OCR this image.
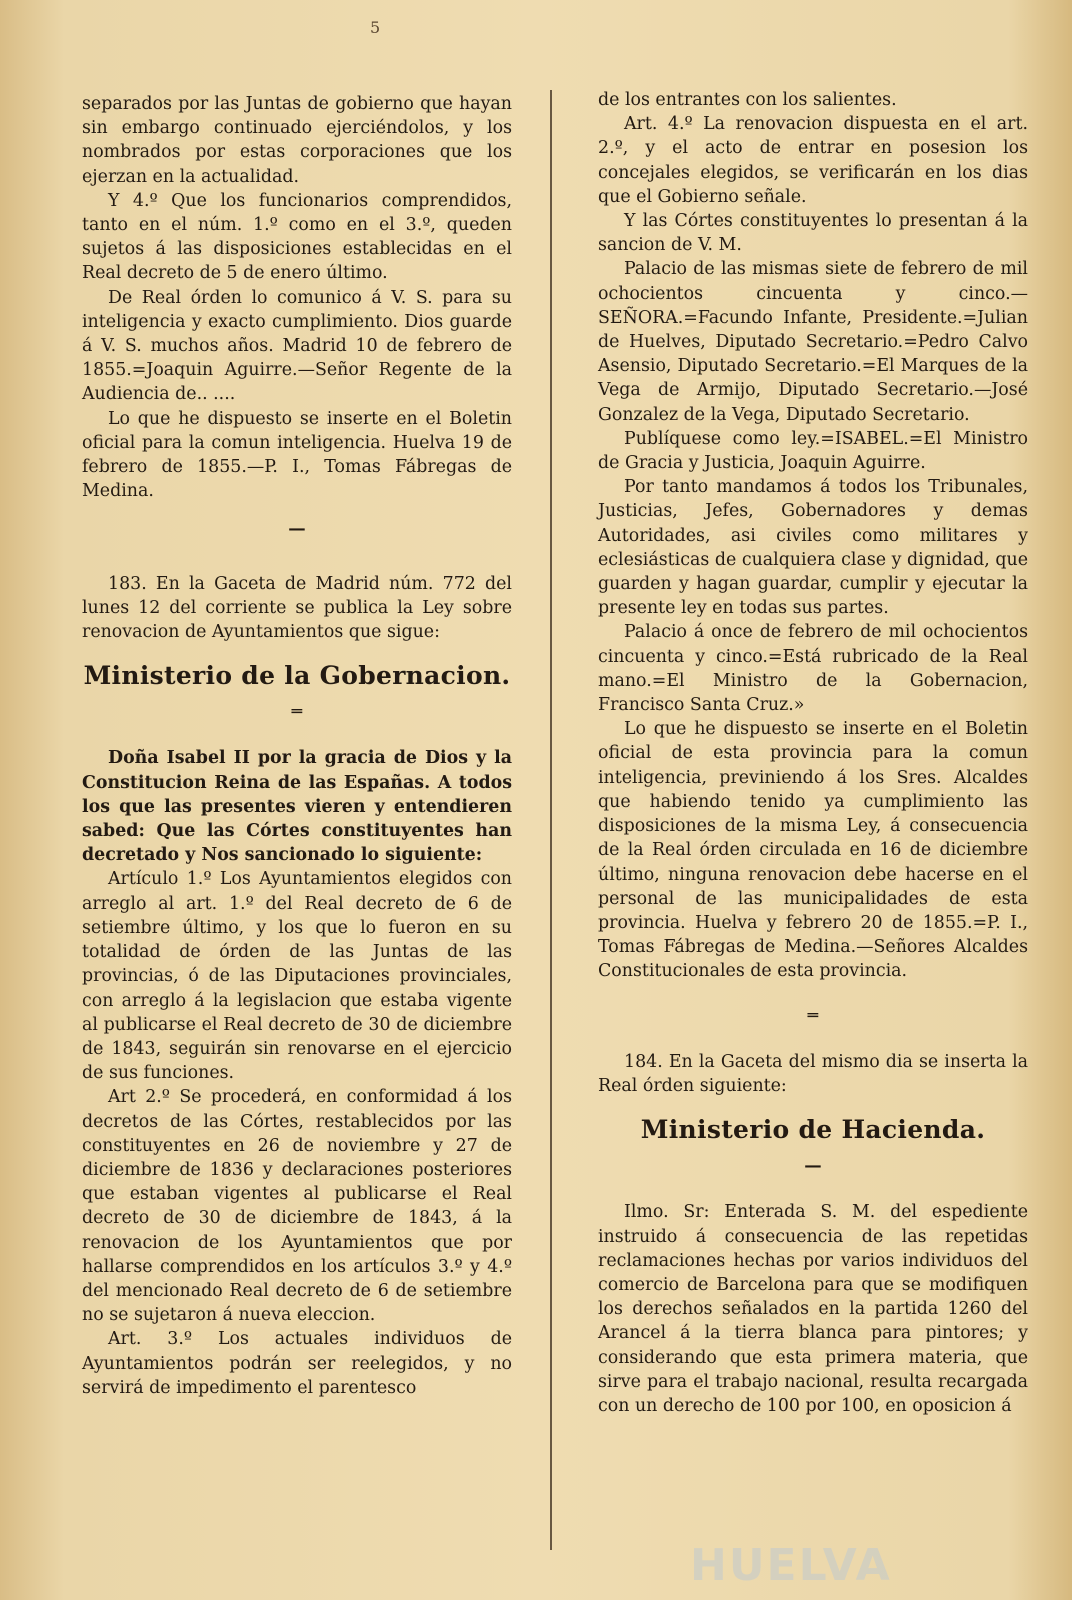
5

separados por las Juntas de gobierno que hayan sin embargo continuado ejerciéndolos, y los nombrados por estas corporaciones que los ejerzan en la actualidad.

Y 4.º Que los funcionarios comprendidos, tanto en el núm. 1.º como en el 3.º, queden sujetos á las disposiciones establecidas en el Real decreto de 5 de enero último.

De Real órden lo comunico á V. S. para su inteligencia y exacto cumplimiento. Dios guarde á V. S. muchos años. Madrid 10 de febrero de 1855.=Joaquin Aguirre.—Señor Regente de la Audiencia de.. ....

Lo que he dispuesto se inserte en el Boletin oficial para la comun inteligencia. Huelva 19 de febrero de 1855.—P. I., Tomas Fábregas de Medina.

—

183. En la Gaceta de Madrid núm. 772 del lunes 12 del corriente se publica la Ley sobre renovacion de Ayuntamientos que sigue:

Ministerio de la Gobernacion.
═

Doña Isabel II por la gracia de Dios y la Constitucion Reina de las Españas. A todos los que las presentes vieren y entendieren sabed: Que las Córtes constituyentes han decretado y Nos sancionado lo siguiente:

Artículo 1.º Los Ayuntamientos elegidos con arreglo al art. 1.º del Real decreto de 6 de setiembre último, y los que lo fueron en su totalidad de órden de las Juntas de las provincias, ó de las Diputaciones provinciales, con arreglo á la legislacion que estaba vigente al publicarse el Real decreto de 30 de diciembre de 1843, seguirán sin renovarse en el ejercicio de sus funciones.

Art 2.º Se procederá, en conformidad á los decretos de las Córtes, restablecidos por las constituyentes en 26 de noviembre y 27 de diciembre de 1836 y declaraciones posteriores que estaban vigentes al publicarse el Real decreto de 30 de diciembre de 1843, á la renovacion de los Ayuntamientos que por hallarse comprendidos en los artículos 3.º y 4.º del mencionado Real decreto de 6 de setiembre no se sujetaron á nueva eleccion.

Art. 3.º Los actuales individuos de Ayuntamientos podrán ser reelegidos, y no servirá de impedimento el parentesco

de los entrantes con los salientes.

Art. 4.º La renovacion dispuesta en el art. 2.º, y el acto de entrar en posesion los concejales elegidos, se verificarán en los dias que el Gobierno señale.

Y las Córtes constituyentes lo presentan á la sancion de V. M.

Palacio de las mismas siete de febrero de mil ochocientos cincuenta y cinco.—SEÑORA.=Facundo Infante, Presidente.=Julian de Huelves, Diputado Secretario.=Pedro Calvo Asensio, Diputado Secretario.=El Marques de la Vega de Armijo, Diputado Secretario.—José Gonzalez de la Vega, Diputado Secretario.

Publíquese como ley.=ISABEL.=El Ministro de Gracia y Justicia, Joaquin Aguirre.

Por tanto mandamos á todos los Tribunales, Justicias, Jefes, Gobernadores y demas Autoridades, asi civiles como militares y eclesiásticas de cualquiera clase y dignidad, que guarden y hagan guardar, cumplir y ejecutar la presente ley en todas sus partes.

Palacio á once de febrero de mil ochocientos cincuenta y cinco.=Está rubricado de la Real mano.=El Ministro de la Gobernacion, Francisco Santa Cruz.»

Lo que he dispuesto se inserte en el Boletin oficial de esta provincia para la comun inteligencia, previniendo á los Sres. Alcaldes que habiendo tenido ya cumplimiento las disposiciones de la misma Ley, á consecuencia de la Real órden circulada en 16 de diciembre último, ninguna renovacion debe hacerse en el personal de las municipalidades de esta provincia. Huelva y febrero 20 de 1855.=P. I., Tomas Fábregas de Medina.—Señores Alcaldes Constitucionales de esta provincia.

═

184. En la Gaceta del mismo dia se inserta la Real órden siguiente:

Ministerio de Hacienda.
—

Ilmo. Sr: Enterada S. M. del espediente instruido á consecuencia de las repetidas reclamaciones hechas por varios individuos del comercio de Barcelona para que se modifiquen los derechos señalados en la partida 1260 del Arancel á la tierra blanca para pintores; y considerando que esta primera materia, que sirve para el trabajo nacional, resulta recargada con un derecho de 100 por 100, en oposicion á

HUELVA
